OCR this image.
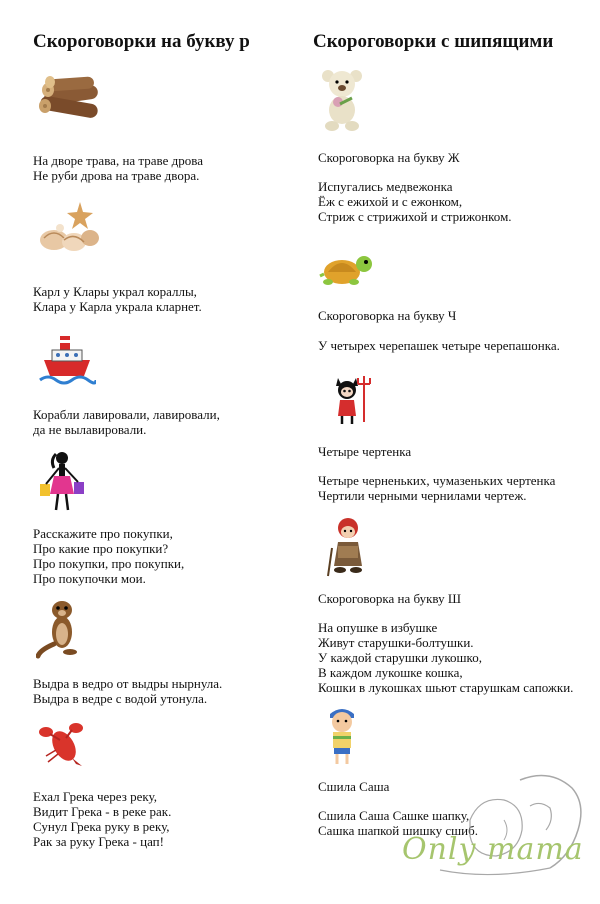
Скороговорки на букву р
На дворе трава, на траве дрова
Не руби дрова на траве двора.
Карл у Клары украл кораллы,
Клара у Карла украла кларнет.
Корабли лавировали, лавировали,
да не вылавировали.
Расскажите про покупки,
Про какие про покупки?
Про покупки, про покупки,
Про покупочки мои.
Выдра в ведро от выдры нырнула.
Выдра в ведре с водой утонула.
Ехал Грека через реку,
Видит Грека - в реке рак.
Сунул Грека руку в реку,
Рак за руку Грека - цап!
Скороговорки с шипящими
Скороговорка на букву Ж
Испугались медвежонка
Ёж с ежихой и с ежонком,
Стриж с стрижихой и стрижонком.
Скороговорка на букву Ч
У четырех черепашек четыре черепашонка.
Четыре чертенка
Четыре черненьких, чумазеньких чертенка
Чертили черными чернилами чертеж.
Скороговорка на букву Ш
На опушке в избушке
Живут старушки-болтушки.
У каждой старушки лукошко,
В каждом лукошке кошка,
Кошки в лукошках шьют старушкам сапожки.
Сшила Саша
Сшила Саша Сашке шапку,
Сашка шапкой шишку сшиб.
Only mama
